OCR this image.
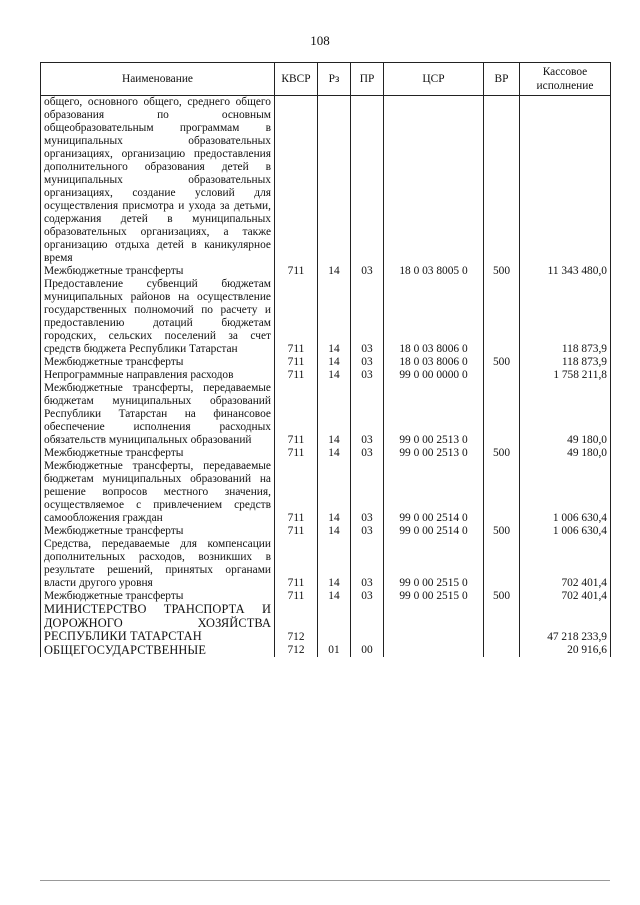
108
Наименование	КВСР	Рз	ПР	ЦСР	ВР	Кассовое исполнение
общего, основного общего, среднего общего образования по основным общеобразовательным программам в муниципальных образовательных организациях, организацию предоставления дополнительного образования детей в муниципальных образовательных организациях, создание условий для осуществления присмотра и ухода за детьми, содержания детей в муниципальных образовательных организациях, а также организацию отдыха детей в каникулярное время						
Межбюджетные трансферты	711	14	03	18 0 03 8005 0	500	11 343 480,0
Предоставление субвенций бюджетам муниципальных районов на осуществление государственных полномочий по расчету и предоставлению дотаций бюджетам городских, сельских поселений за счет средств бюджета Республики Татарстан	711	14	03	18 0 03 8006 0		118 873,9
Межбюджетные трансферты	711	14	03	18 0 03 8006 0	500	118 873,9
Непрограммные направления расходов	711	14	03	99 0 00 0000 0		1 758 211,8
Межбюджетные трансферты, передаваемые бюджетам муниципальных образований Республики Татарстан на финансовое обеспечение исполнения расходных обязательств муниципальных образований	711	14	03	99 0 00 2513 0		49 180,0
Межбюджетные трансферты	711	14	03	99 0 00 2513 0	500	49 180,0
Межбюджетные трансферты, передаваемые бюджетам муниципальных образований на решение вопросов местного значения, осуществляемое с привлечением средств самообложения граждан	711	14	03	99 0 00 2514 0		1 006 630,4
Межбюджетные трансферты	711	14	03	99 0 00 2514 0	500	1 006 630,4
Средства, передаваемые для компенсации дополнительных расходов, возникших в результате решений, принятых органами власти другого уровня	711	14	03	99 0 00 2515 0		702 401,4
Межбюджетные трансферты	711	14	03	99 0 00 2515 0	500	702 401,4
МИНИСТЕРСТВО ТРАНСПОРТА И ДОРОЖНОГО ХОЗЯЙСТВА РЕСПУБЛИКИ ТАТАРСТАН	712					47 218 233,9
ОБЩЕГОСУДАРСТВЕННЫЕ	712	01	00			20 916,6
